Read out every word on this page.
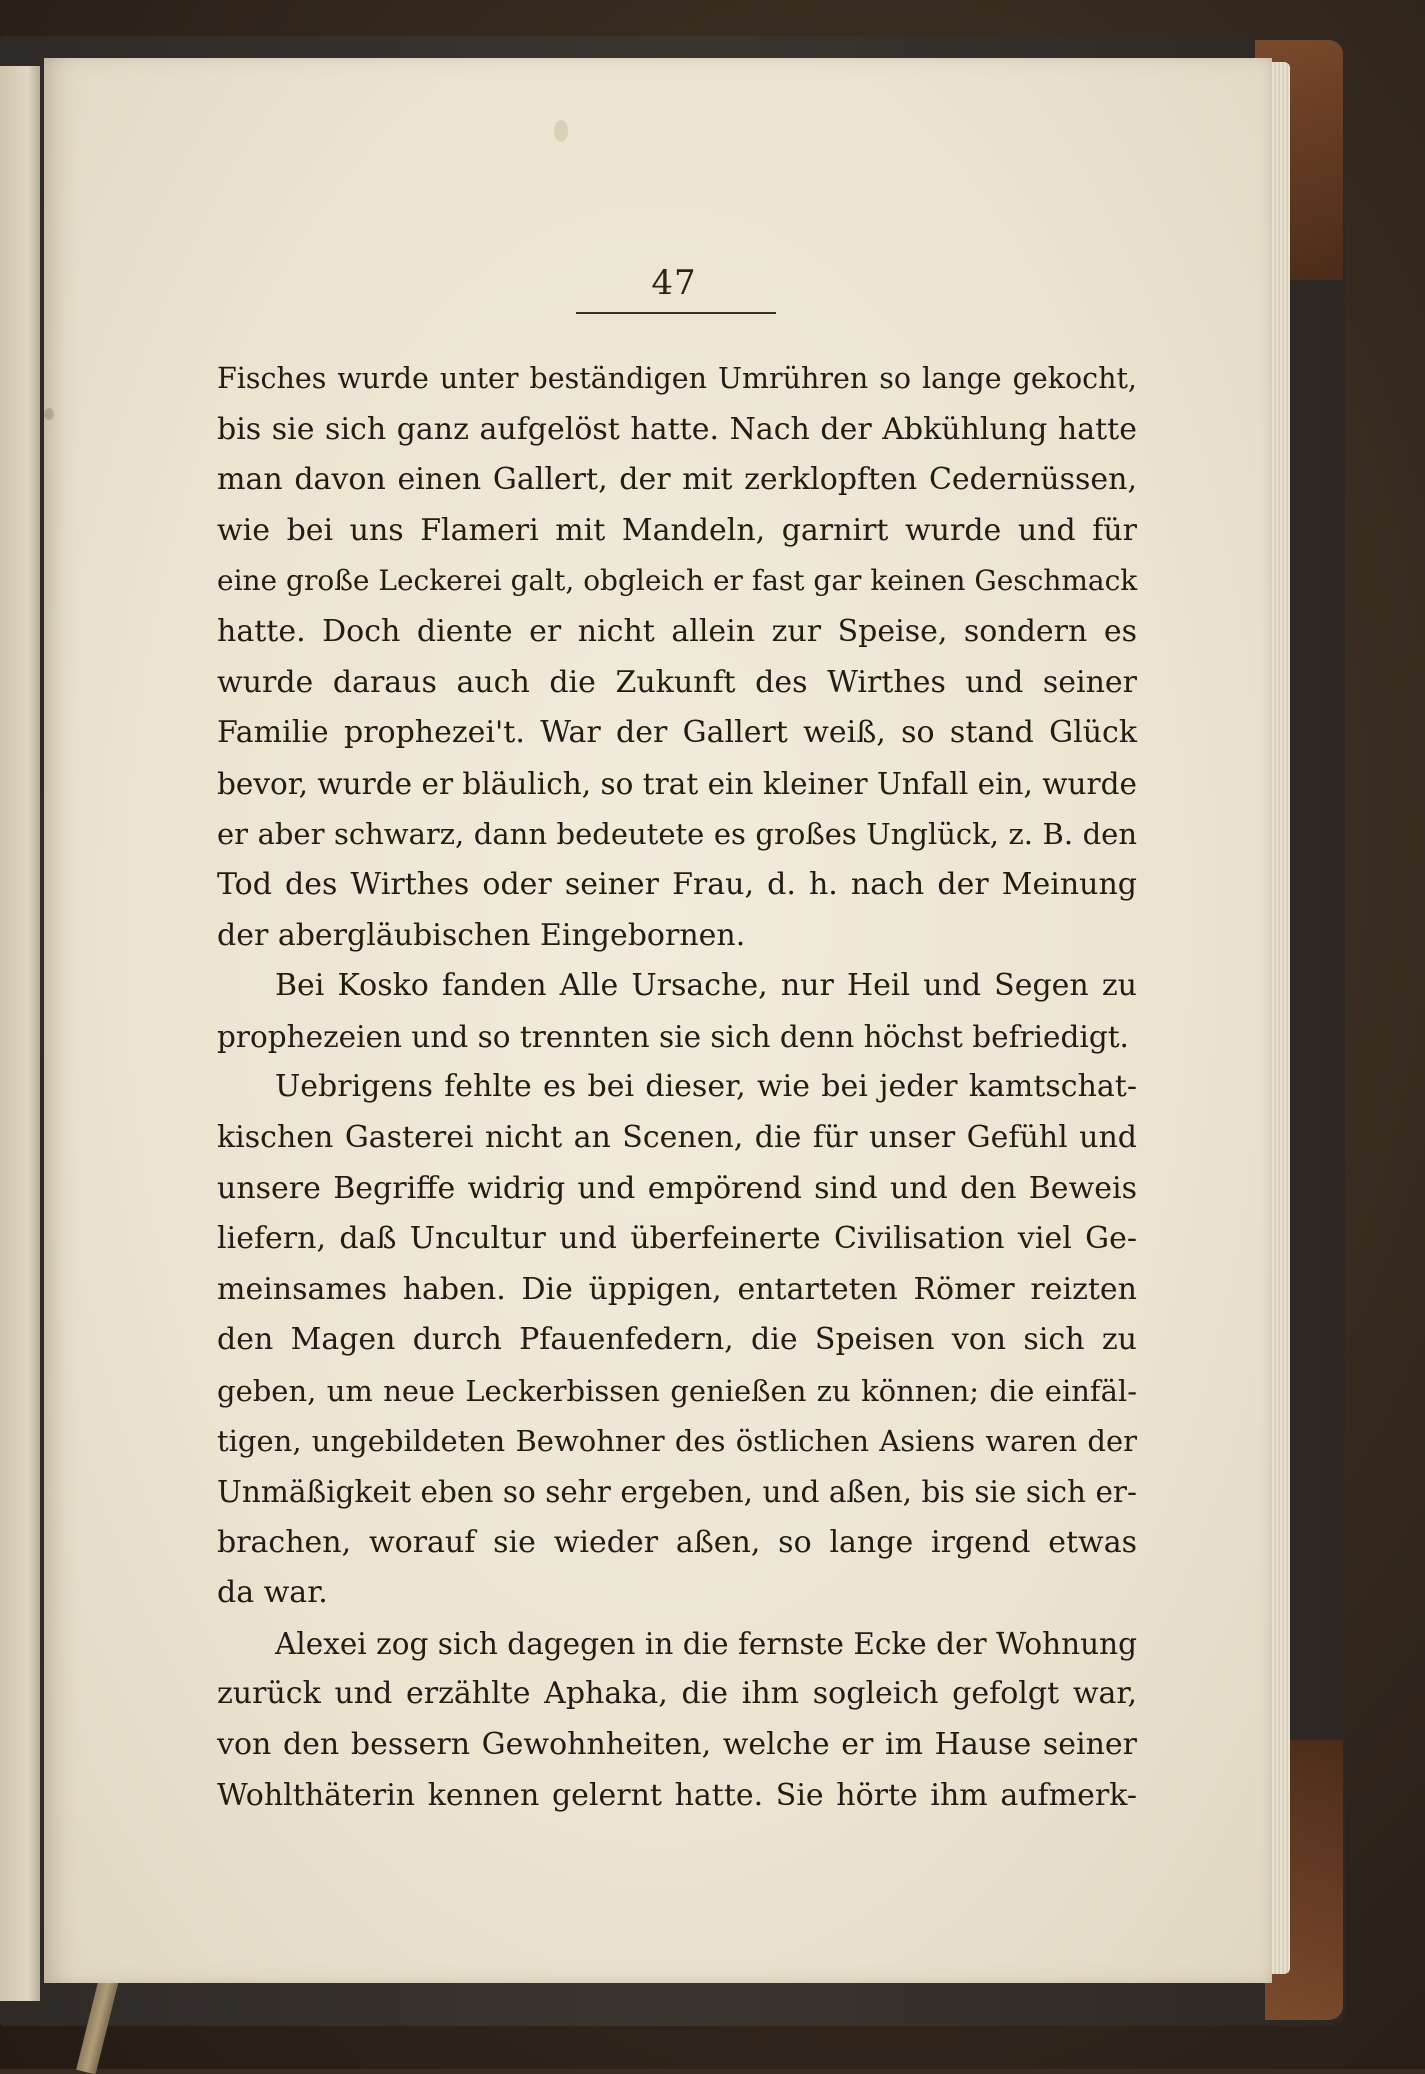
47
Fisches wurde unter beständigen Umrühren so lange gekocht,
bis sie sich ganz aufgelöst hatte. Nach der Abkühlung hatte
man davon einen Gallert, der mit zerklopften Cedernüssen,
wie bei uns Flameri mit Mandeln, garnirt wurde und für
eine große Leckerei galt, obgleich er fast gar keinen Geschmack
hatte. Doch diente er nicht allein zur Speise, sondern es
wurde daraus auch die Zukunft des Wirthes und seiner
Familie prophezei't. War der Gallert weiß, so stand Glück
bevor, wurde er bläulich, so trat ein kleiner Unfall ein, wurde
er aber schwarz, dann bedeutete es großes Unglück, z. B. den
Tod des Wirthes oder seiner Frau, d. h. nach der Meinung
der abergläubischen Eingebornen.
Bei Kosko fanden Alle Ursache, nur Heil und Segen zu
prophezeien und so trennten sie sich denn höchst befriedigt.
Uebrigens fehlte es bei dieser, wie bei jeder kamtschat-
kischen Gasterei nicht an Scenen, die für unser Gefühl und
unsere Begriffe widrig und empörend sind und den Beweis
liefern, daß Uncultur und überfeinerte Civilisation viel Ge-
meinsames haben. Die üppigen, entarteten Römer reizten
den Magen durch Pfauenfedern, die Speisen von sich zu
geben, um neue Leckerbissen genießen zu können; die einfäl-
tigen, ungebildeten Bewohner des östlichen Asiens waren der
Unmäßigkeit eben so sehr ergeben, und aßen, bis sie sich er-
brachen, worauf sie wieder aßen, so lange irgend etwas
da war.
Alexei zog sich dagegen in die fernste Ecke der Wohnung
zurück und erzählte Aphaka, die ihm sogleich gefolgt war,
von den bessern Gewohnheiten, welche er im Hause seiner
Wohlthäterin kennen gelernt hatte. Sie hörte ihm aufmerk-
